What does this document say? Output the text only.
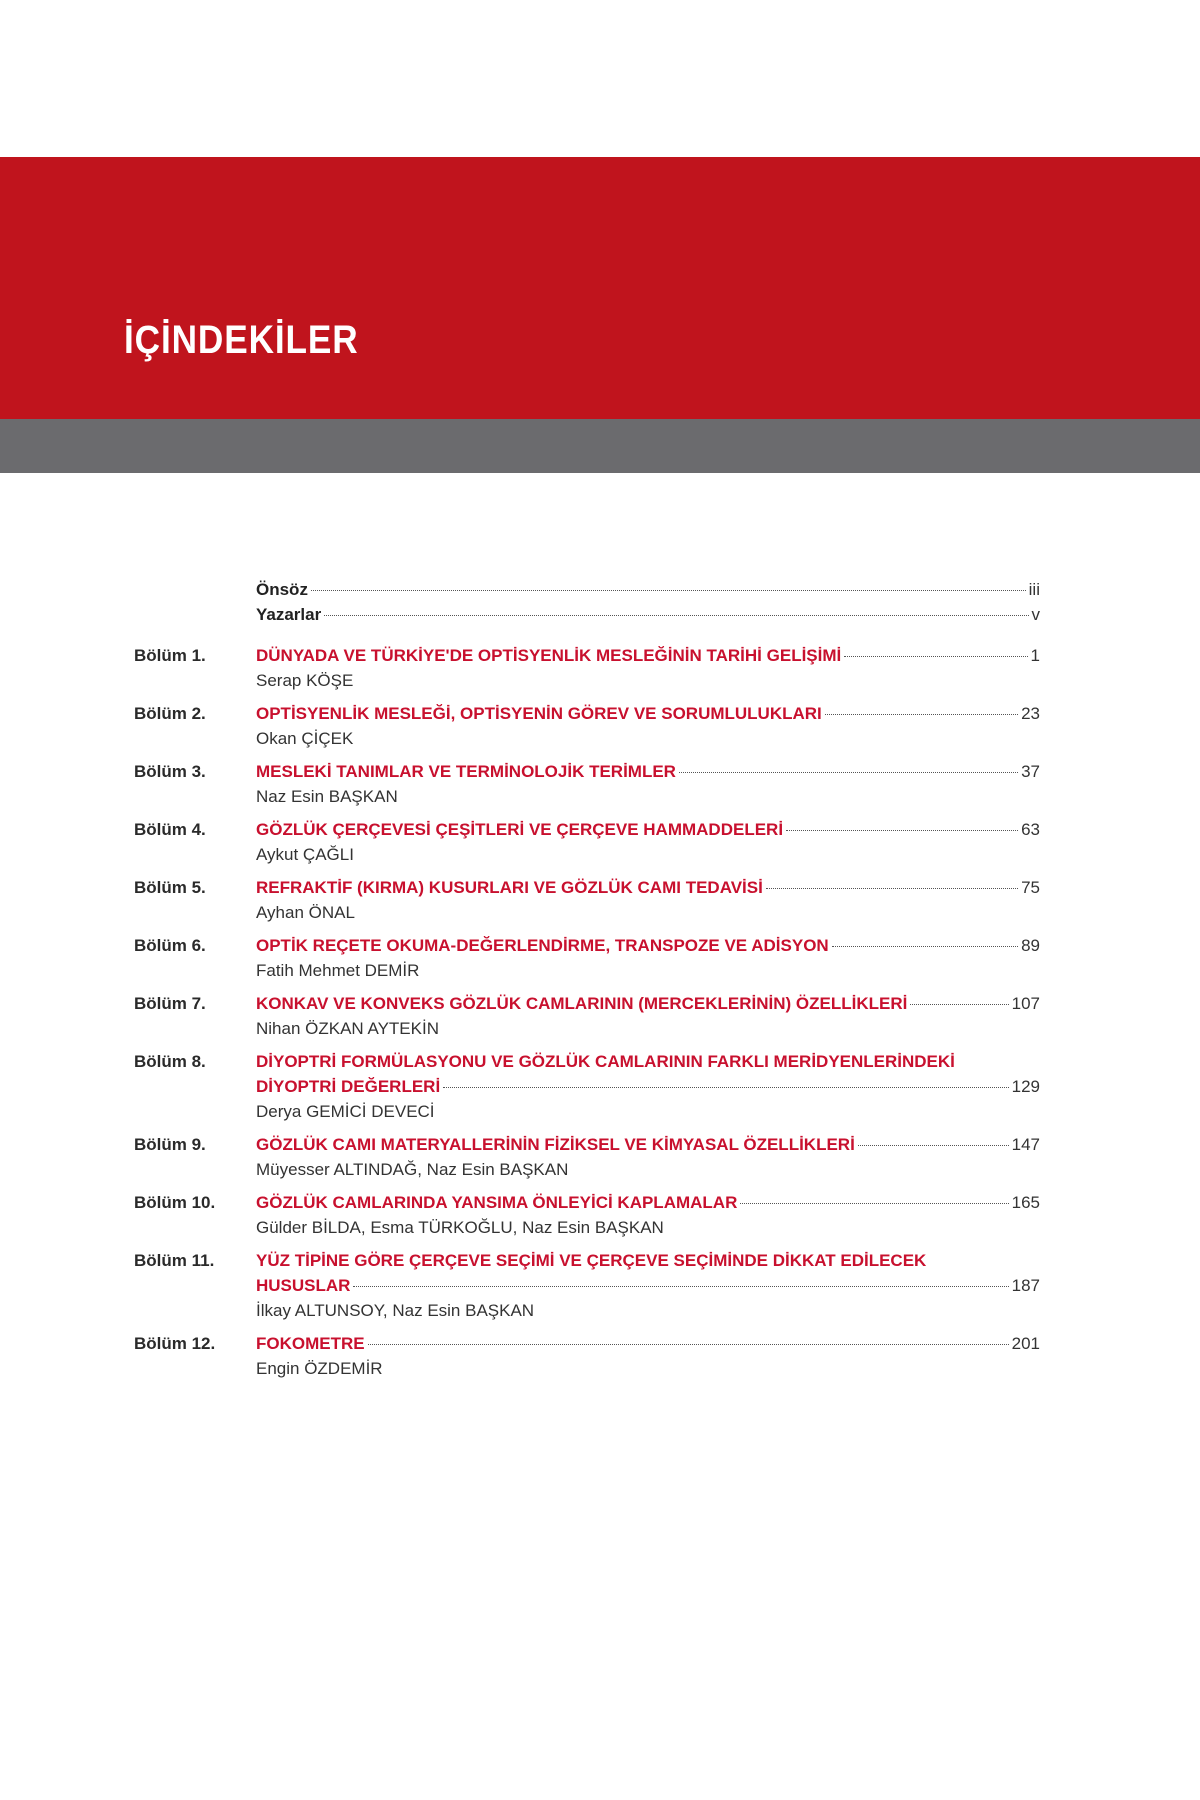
İÇİNDEKİLER
Önsöz	iii
Yazarlar	v
Bölüm 1.	DÜNYADA VE TÜRKİYE'DE OPTİSYENLİK MESLEĞİNİN TARİHİ GELİŞİMİ	1
Serap KÖŞE
Bölüm 2.	OPTİSYENLİK MESLEĞİ, OPTİSYENİN GÖREV VE SORUMLULUKLARI	23
Okan ÇİÇEK
Bölüm 3.	MESLEKİ TANIMLAR VE TERMİNOLOJİK TERİMLER	37
Naz Esin BAŞKAN
Bölüm 4.	GÖZLÜK ÇERÇEVESİ ÇEŞİTLERİ VE ÇERÇEVE HAMMADDELERİ	63
Aykut ÇAĞLI
Bölüm 5.	REFRAKTİF (KIRMA) KUSURLARI VE GÖZLÜK CAMI TEDAVİSİ	75
Ayhan ÖNAL
Bölüm 6.	OPTİK REÇETE OKUMA-DEĞERLENDİRME, TRANSPOZE VE ADİSYON	89
Fatih Mehmet DEMİR
Bölüm 7.	KONKAV VE KONVEKS GÖZLÜK CAMLARININ (MERCEKLERİNİN) ÖZELLİKLERİ	107
Nihan ÖZKAN AYTEKİN
Bölüm 8.	DİYOPTRİ FORMÜLASYONU VE GÖZLÜK CAMLARININ FARKLI MERİDYENLERİNDEKİ
DİYOPTRİ DEĞERLERİ	129
Derya GEMİCİ DEVECİ
Bölüm 9.	GÖZLÜK CAMI MATERYALLERİNİN FİZİKSEL VE KİMYASAL ÖZELLİKLERİ	147
Müyesser ALTINDAĞ, Naz Esin BAŞKAN
Bölüm 10. GÖZLÜK CAMLARINDA YANSIMA ÖNLEYİCİ KAPLAMALAR	165
Gülder BİLDA, Esma TÜRKOĞLU, Naz Esin BAŞKAN
Bölüm 11. YÜZ TİPİNE GÖRE ÇERÇEVE SEÇİMİ VE ÇERÇEVE SEÇİMİNDE DİKKAT EDİLECEK
HUSUSLAR	187
İlkay ALTUNSOY, Naz Esin BAŞKAN
Bölüm 12. FOKOMETRE	201
Engin ÖZDEMİR
